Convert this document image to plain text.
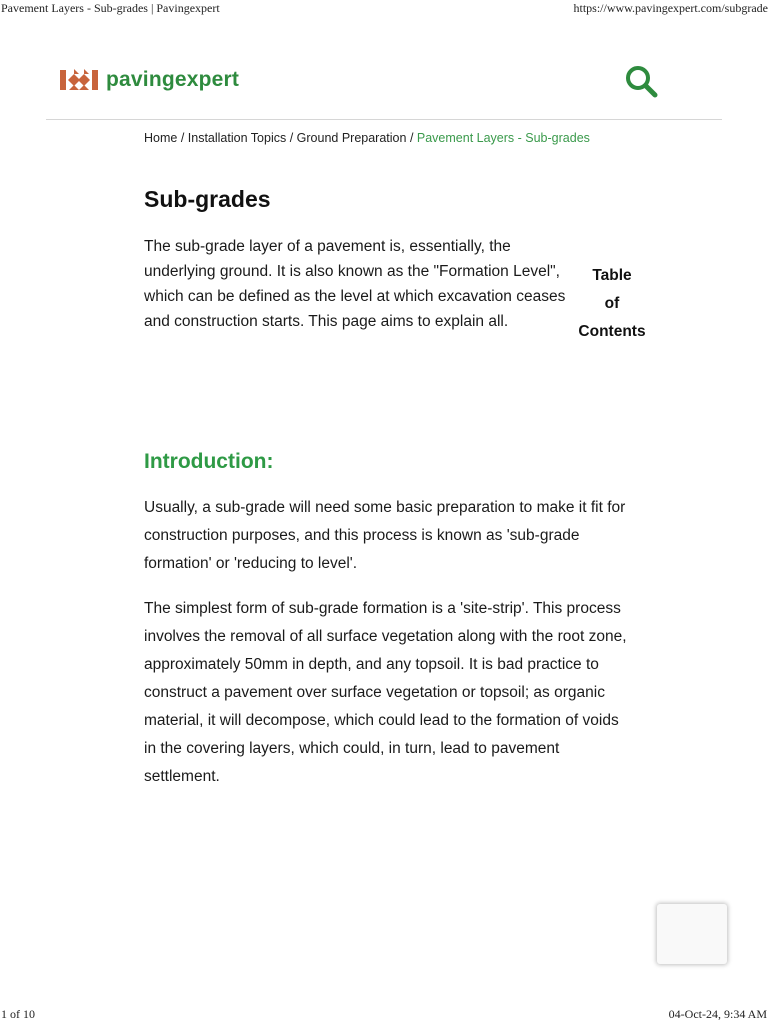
Pavement Layers - Sub-grades | Pavingexpert	https://www.pavingexpert.com/subgrade
pavingexpert
Home / Installation Topics / Ground Preparation / Pavement Layers - Sub-grades
Sub-grades

The sub-grade layer of a pavement is, essentially, the underlying ground. It is also known as the "Formation Level", which can be defined as the level at which excavation ceases and construction starts. This page aims to explain all.

Table
of
Contents
Introduction:

Usually, a sub-grade will need some basic preparation to make it fit for construction purposes, and this process is known as 'sub-grade formation' or 'reducing to level'.

The simplest form of sub-grade formation is a 'site-strip'. This process involves the removal of all surface vegetation along with the root zone, approximately 50mm in depth, and any topsoil. It is bad practice to construct a pavement over surface vegetation or topsoil; as organic material, it will decompose, which could lead to the formation of voids in the covering layers, which could, in turn, lead to pavement settlement.

1 of 10	04-Oct-24, 9:34 AM
